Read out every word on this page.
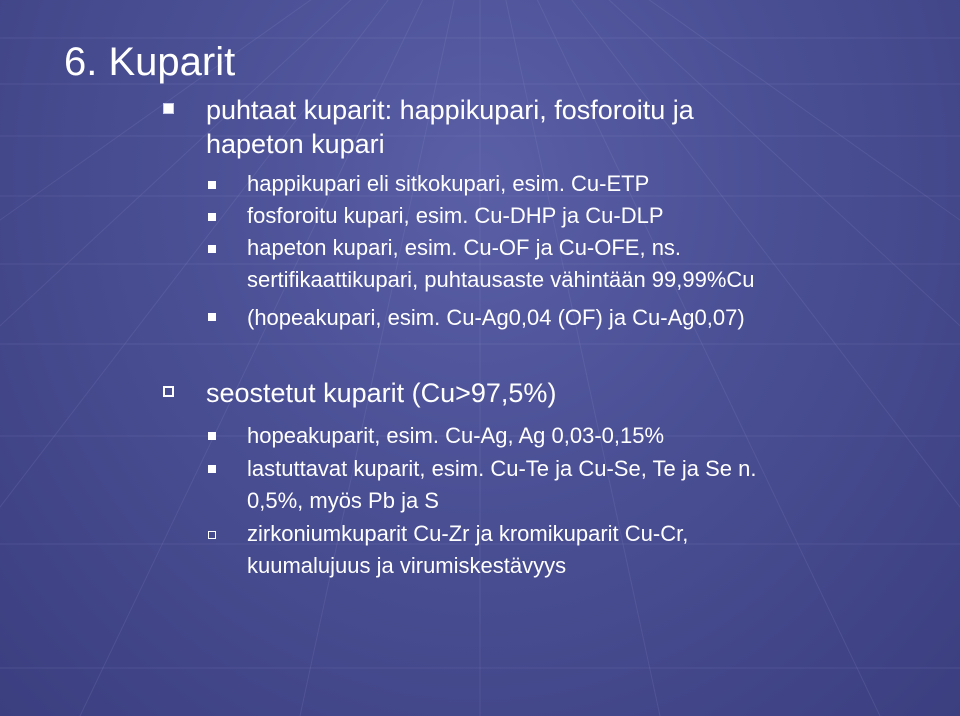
6. Kuparit
puhtaat kuparit: happikupari, fosforoitu ja
hapeton kupari
happikupari eli sitkokupari, esim. Cu-ETP
fosforoitu kupari, esim. Cu-DHP ja Cu-DLP
hapeton kupari, esim. Cu-OF ja Cu-OFE, ns.
sertifikaattikupari, puhtausaste vähintään 99,99%Cu
(hopeakupari, esim. Cu-Ag0,04 (OF) ja Cu-Ag0,07)
seostetut kuparit (Cu>97,5%)
hopeakuparit, esim. Cu-Ag, Ag 0,03-0,15%
lastuttavat kuparit, esim. Cu-Te ja Cu-Se, Te ja Se n.
0,5%, myös Pb ja S
zirkoniumkuparit Cu-Zr ja kromikuparit Cu-Cr,
kuumalujuus ja virumiskestävyys
